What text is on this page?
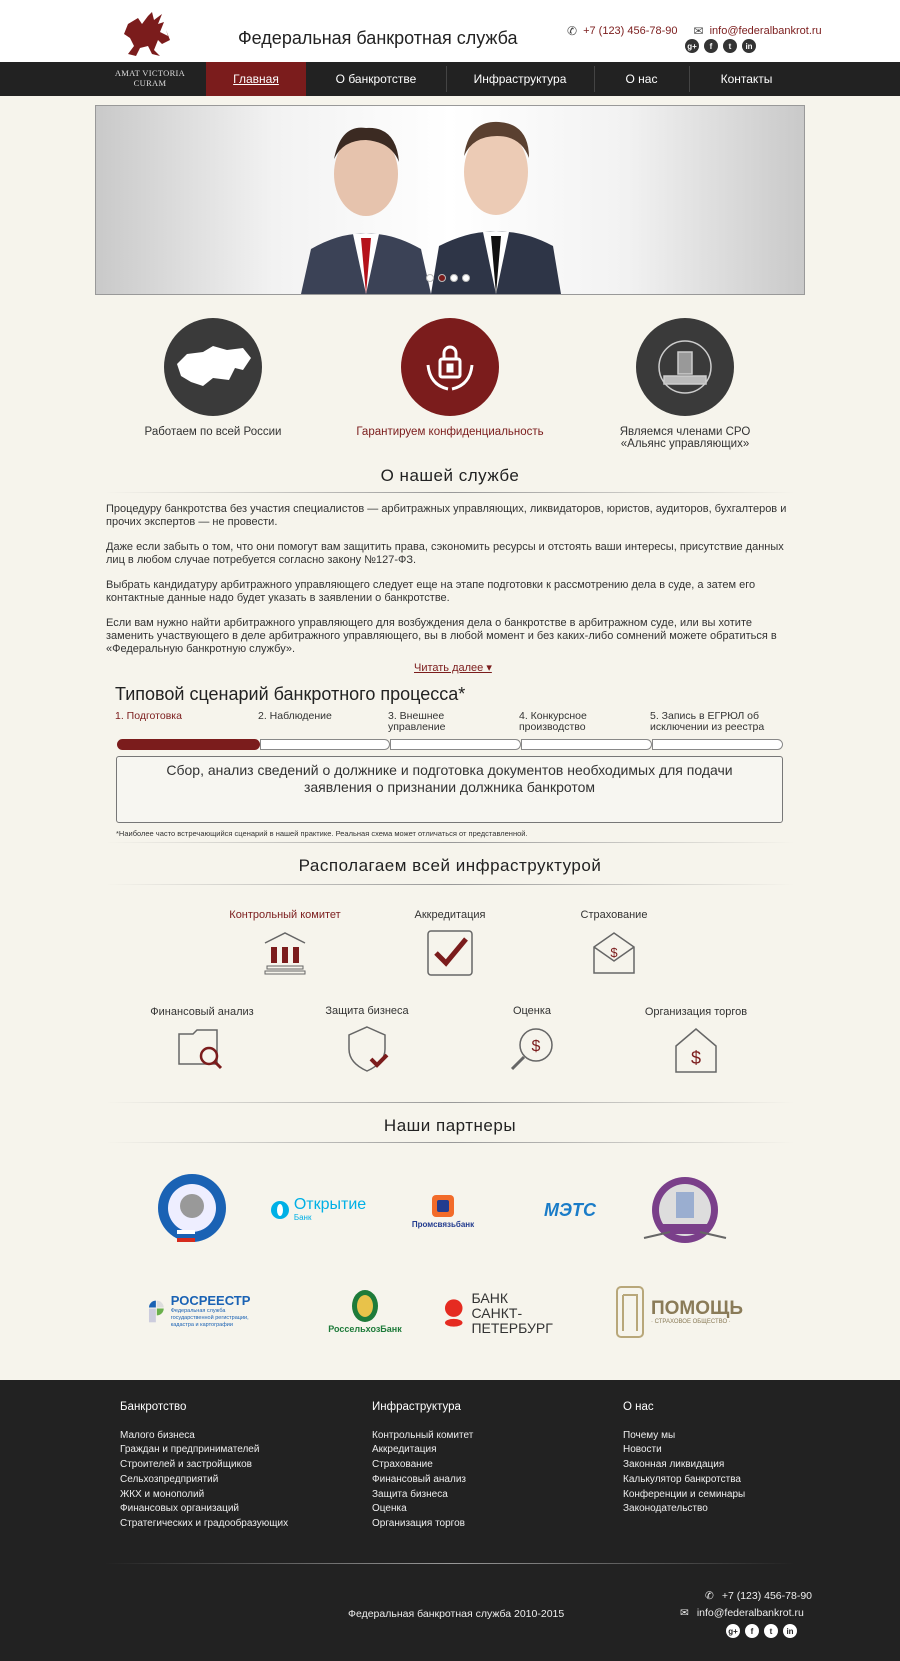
Федеральная банкротная служба	✆ +7 (123) 456-78-90 ✉ info@federalbankrot.ru
g+	f	t	in
AMAT VICTORIA
CURAM	Главная	О банкротстве	Инфраструктура	О нас	Контакты
Работаем по всей России	Гарантируем конфиденциальность	Являемся членами СРО
«Альянс управляющих»
О нашей службе

Процедуру банкротства без участия специалистов — арбитражных управляющих, ликвидаторов, юристов, аудиторов, бухгалтеров и прочих экспертов — не провести.

Даже если забыть о том, что они помогут вам защитить права, сэкономить ресурсы и отстоять ваши интересы, присутствие данных лиц в любом случае потребуется согласно закону №127-ФЗ.

Выбрать кандидатуру арбитражного управляющего следует еще на этапе подготовки к рассмотрению дела в суде, а затем его контактные данные надо будет указать в заявлении о банкротстве.

Если вам нужно найти арбитражного управляющего для возбуждения дела о банкротстве в арбитражном суде, или вы хотите заменить участвующего в деле арбитражного управляющего, вы в любой момент и без каких-либо сомнений можете обратиться в «Федеральную банкротную службу».

Читать далее ▾
Типовой сценарий банкротного процесса*
1. Подготовка	2. Наблюдение	3. Внешнее управление
4. Конкурсное производство
5. Запись в ЕГРЮЛ об исключении из реестра
Сбор, анализ сведений о должнике и подготовка документов необходимых для подачи заявления о признании должника банкротом
*Наиболее часто встречающийся сценарий в нашей практике. Реальная схема может отличаться от представленной.
Располагаем всей инфраструктурой
Контрольный комитет	Аккредитация	Страхование
$
Финансовый анализ	Защита бизнеса	Оценка
$
Организация торгов
$
Наши партнеры
Открытие
Банк
Промсвязьбанк
МЭТС
РОСРЕЕСТР
Федеральная служба государственной регистрации, кадастра и картографии	РоссельхозБанк
БАНК
САНКТ-ПЕТЕРБУРГ
ПОМОЩЬ
· СТРАХОВОЕ ОБЩЕСТВО ·
Банкротство
Малого бизнеса
Граждан и предпринимателей
Строителей и застройщиков
Сельхозпредприятий
ЖКХ и монополий
Финансовых организаций
Стратегических и градообразующих
Инфраструктура
Контрольный комитет
Аккредитация
Страхование
Финансовый анализ
Защита бизнеса
Оценка
Организация торгов
О нас
Почему мы
Новости
Законная ликвидация
Калькулятор банкротства
Конференции и семинары
Законодательство
Федеральная банкротная служба 2010-2015
✆ +7 (123) 456-78-90
✉ info@federalbankrot.ru
g+	f	t	in
